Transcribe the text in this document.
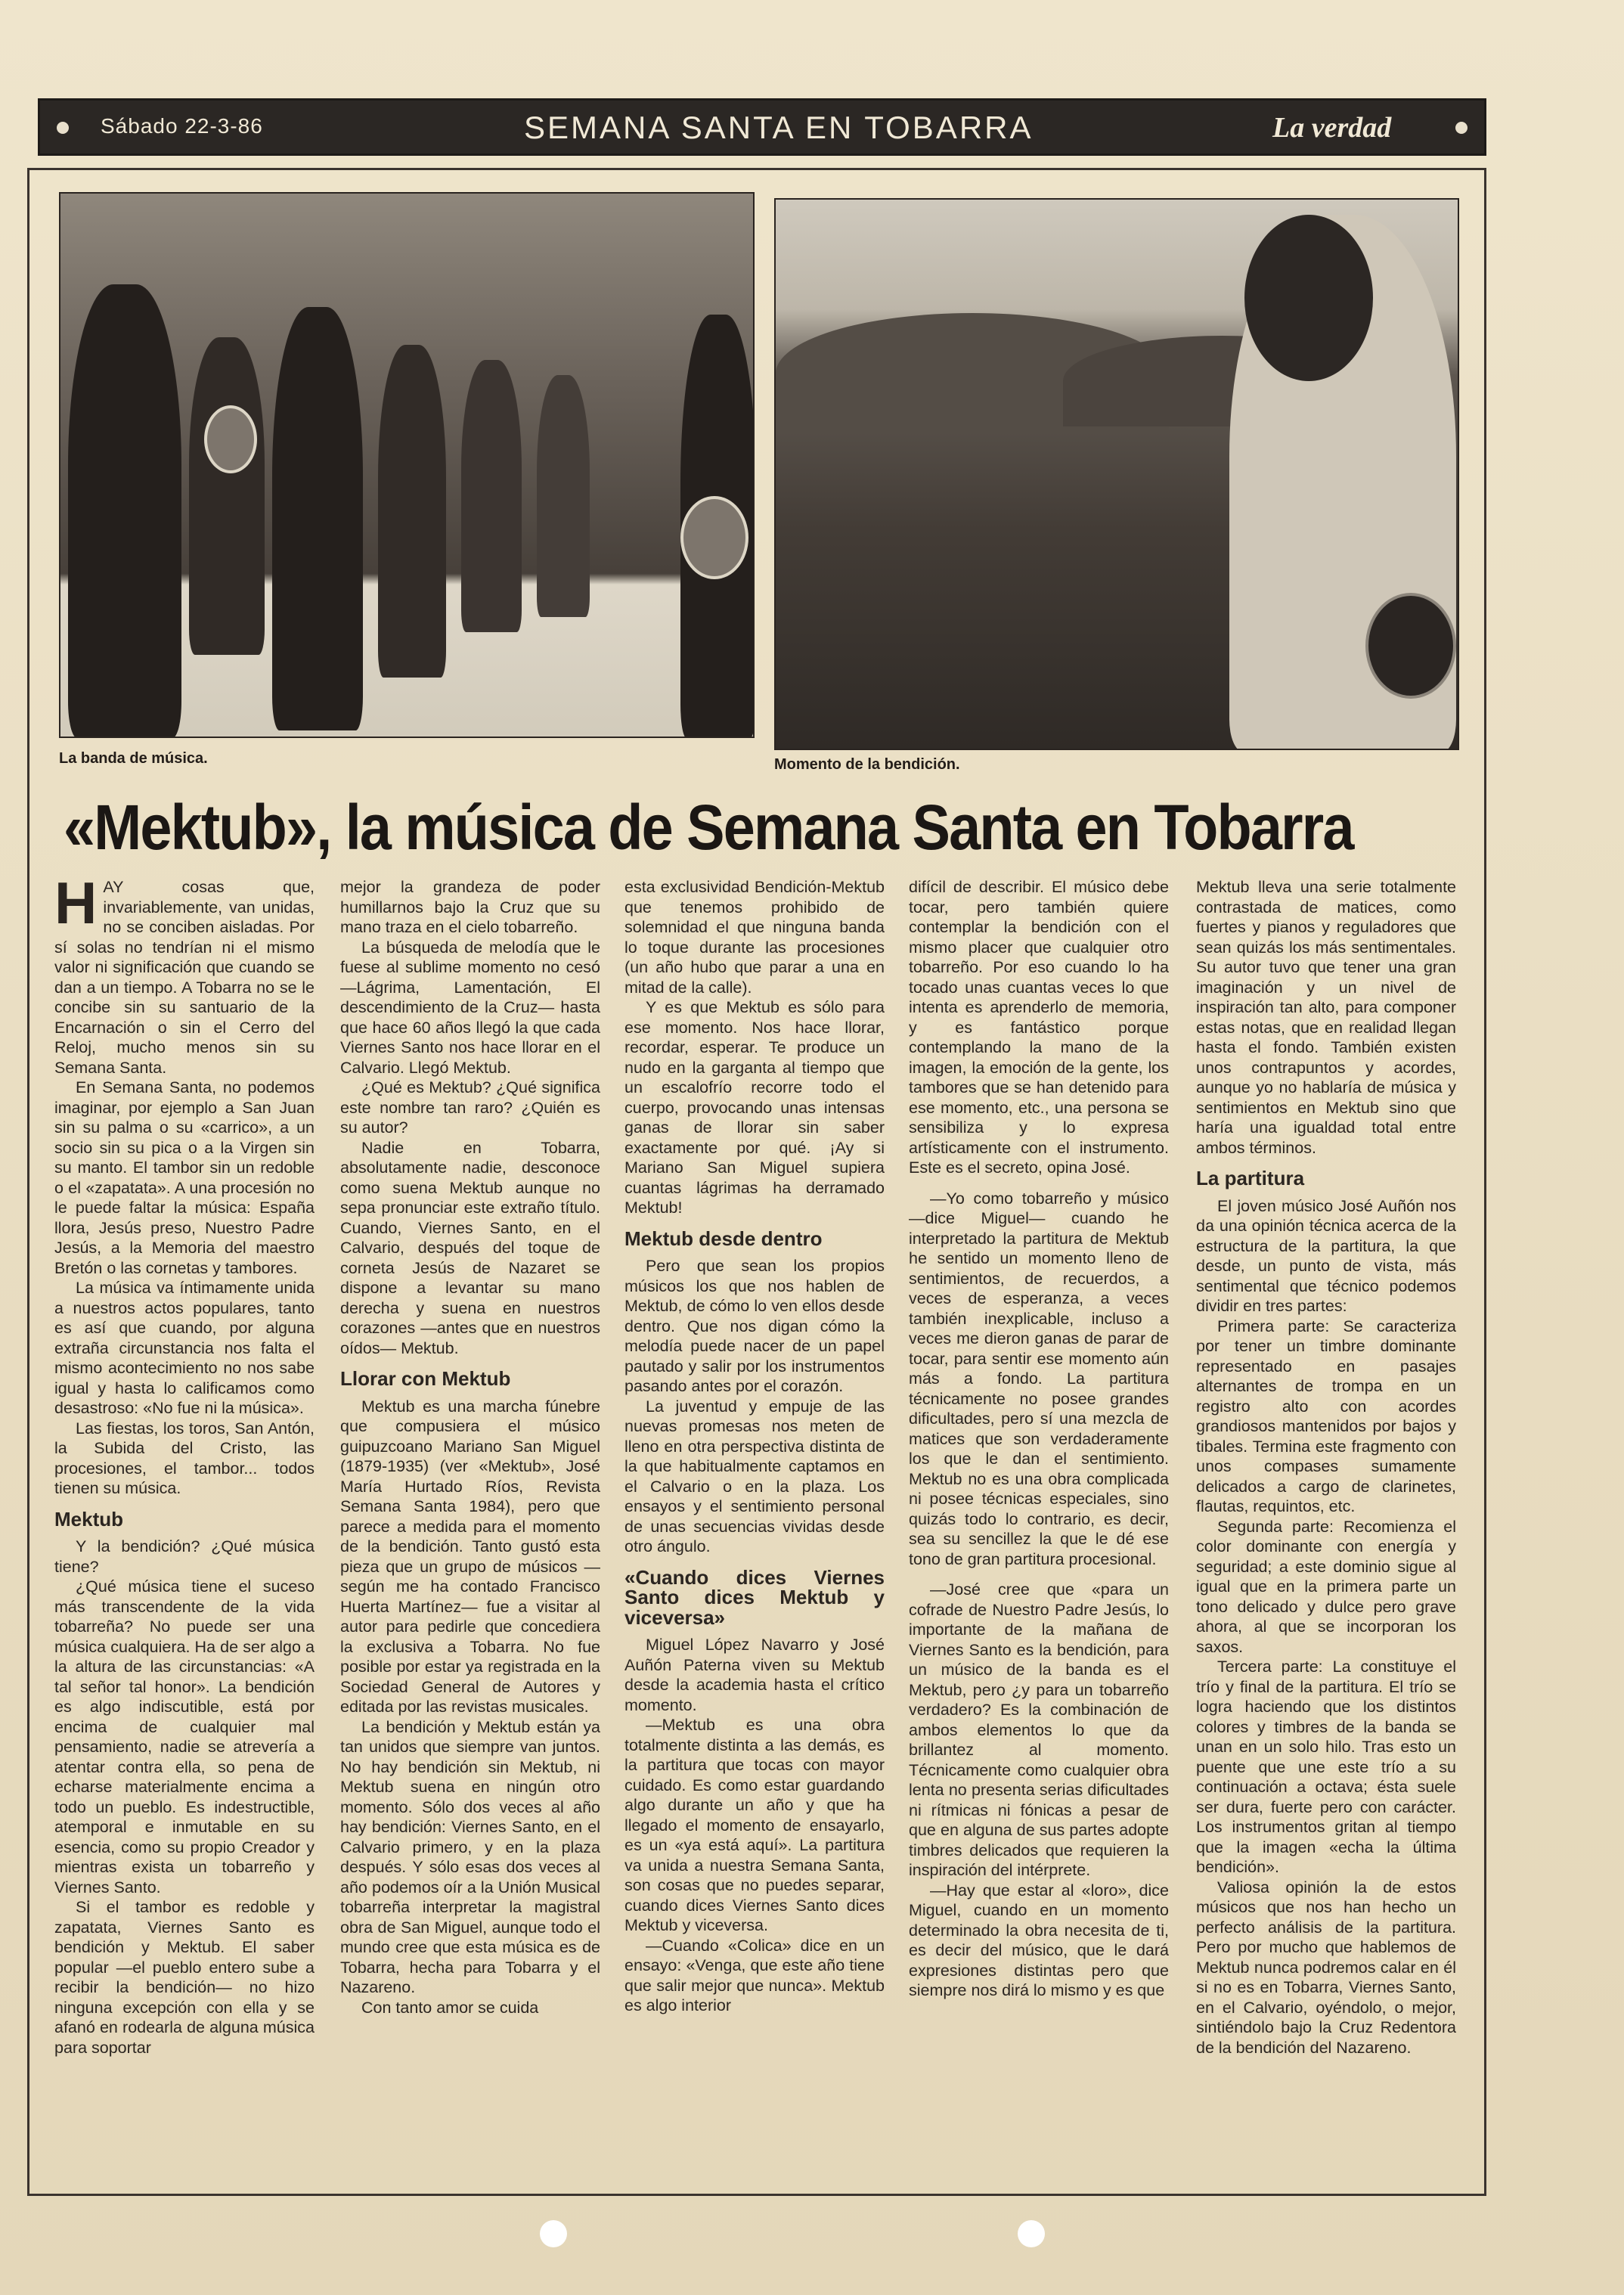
Sábado 22-3-86	SEMANA SANTA EN TOBARRA	La verdad
La banda de música.	Momento de la bendición.
«Mektub», la música de Semana Santa en Tobarra

HAY cosas que, invariablemente, van unidas, no se conciben aisladas. Por sí solas no tendrían ni el mismo valor ni significación que cuando se dan a un tiempo. A Tobarra no se le concibe sin su santuario de la Encarnación o sin el Cerro del Reloj, mucho menos sin su Semana Santa.

En Semana Santa, no podemos imaginar, por ejemplo a San Juan sin su palma o su «carrico», a un socio sin su pica o a la Virgen sin su manto. El tambor sin un redoble o el «zapatata». A una procesión no le puede faltar la música: España llora, Jesús preso, Nuestro Padre Jesús, a la Memoria del maestro Bretón o las cornetas y tambores.

La música va íntimamente unida a nuestros actos populares, tanto es así que cuando, por alguna extraña circunstancia nos falta el mismo acontecimiento no nos sabe igual y hasta lo calificamos como desastroso: «No fue ni la música».

Las fiestas, los toros, San Antón, la Subida del Cristo, las procesiones, el tambor... todos tienen su música.

Mektub

Y la bendición? ¿Qué música tiene?

¿Qué música tiene el suceso más transcendente de la vida tobarreña? No puede ser una música cualquiera. Ha de ser algo a la altura de las circunstancias: «A tal señor tal honor». La bendición es algo indiscutible, está por encima de cualquier mal pensamiento, nadie se atrevería a atentar contra ella, so pena de echarse materialmente encima a todo un pueblo. Es indestructible, atemporal e inmutable en su esencia, como su propio Creador y mientras exista un tobarreño y Viernes Santo.

Si el tambor es redoble y zapatata, Viernes Santo es bendición y Mektub. El saber popular —el pueblo entero sube a recibir la bendición— no hizo ninguna excepción con ella y se afanó en rodearla de alguna música para soportar

mejor la grandeza de poder humillarnos bajo la Cruz que su mano traza en el cielo tobarreño.

La búsqueda de melodía que le fuese al sublime momento no cesó —Lágrima, Lamentación, El descendimiento de la Cruz— hasta que hace 60 años llegó la que cada Viernes Santo nos hace llorar en el Calvario. Llegó Mektub.

¿Qué es Mektub? ¿Qué significa este nombre tan raro? ¿Quién es su autor?

Nadie en Tobarra, absolutamente nadie, desconoce como suena Mektub aunque no sepa pronunciar este extraño título. Cuando, Viernes Santo, en el Calvario, después del toque de corneta Jesús de Nazaret se dispone a levantar su mano derecha y suena en nuestros corazones —antes que en nuestros oídos— Mektub.

Llorar con Mektub

Mektub es una marcha fúnebre que compusiera el músico guipuzcoano Mariano San Miguel (1879-1935) (ver «Mektub», José María Hurtado Ríos, Revista Semana Santa 1984), pero que parece a medida para el momento de la bendición. Tanto gustó esta pieza que un grupo de músicos —según me ha contado Francisco Huerta Martínez— fue a visitar al autor para pedirle que concediera la exclusiva a Tobarra. No fue posible por estar ya registrada en la Sociedad General de Autores y editada por las revistas musicales.

La bendición y Mektub están ya tan unidos que siempre van juntos. No hay bendición sin Mektub, ni Mektub suena en ningún otro momento. Sólo dos veces al año hay bendición: Viernes Santo, en el Calvario primero, y en la plaza después. Y sólo esas dos veces al año podemos oír a la Unión Musical tobarreña interpretar la magistral obra de San Miguel, aunque todo el mundo cree que esta música es de Tobarra, hecha para Tobarra y el Nazareno.

Con tanto amor se cuida

esta exclusividad Bendición-Mektub que tenemos prohibido de solemnidad el que ninguna banda lo toque durante las procesiones (un año hubo que parar a una en mitad de la calle).

Y es que Mektub es sólo para ese momento. Nos hace llorar, recordar, esperar. Te produce un nudo en la garganta al tiempo que un escalofrío recorre todo el cuerpo, provocando unas intensas ganas de llorar sin saber exactamente por qué. ¡Ay si Mariano San Miguel supiera cuantas lágrimas ha derramado Mektub!

Mektub desde dentro

Pero que sean los propios músicos los que nos hablen de Mektub, de cómo lo ven ellos desde dentro. Que nos digan cómo la melodía puede nacer de un papel pautado y salir por los instrumentos pasando antes por el corazón.

La juventud y empuje de las nuevas promesas nos meten de lleno en otra perspectiva distinta de la que habitualmente captamos en el Calvario o en la plaza. Los ensayos y el sentimiento personal de unas secuencias vividas desde otro ángulo.

«Cuando dices Viernes Santo dices Mektub y viceversa»

Miguel López Navarro y José Auñón Paterna viven su Mektub desde la academia hasta el crítico momento.

—Mektub es una obra totalmente distinta a las demás, es la partitura que tocas con mayor cuidado. Es como estar guardando algo durante un año y que ha llegado el momento de ensayarlo, es un «ya está aquí». La partitura va unida a nuestra Semana Santa, son cosas que no puedes separar, cuando dices Viernes Santo dices Mektub y viceversa.

—Cuando «Colica» dice en un ensayo: «Venga, que este año tiene que salir mejor que nunca». Mektub es algo interior

difícil de describir. El músico debe tocar, pero también quiere contemplar la bendición con el mismo placer que cualquier otro tobarreño. Por eso cuando lo ha tocado unas cuantas veces lo que intenta es aprenderlo de memoria, y es fantástico porque contemplando la mano de la imagen, la emoción de la gente, los tambores que se han detenido para ese momento, etc., una persona se sensibiliza y lo expresa artísticamente con el instrumento. Este es el secreto, opina José.

—Yo como tobarreño y músico —dice Miguel— cuando he interpretado la partitura de Mektub he sentido un momento lleno de sentimientos, de recuerdos, a veces de esperanza, a veces también inexplicable, incluso a veces me dieron ganas de parar de tocar, para sentir ese momento aún más a fondo. La partitura técnicamente no posee grandes dificultades, pero sí una mezcla de matices que son verdaderamente los que le dan el sentimiento. Mektub no es una obra complicada ni posee técnicas especiales, sino quizás todo lo contrario, es decir, sea su sencillez la que le dé ese tono de gran partitura procesional.

—José cree que «para un cofrade de Nuestro Padre Jesús, lo importante de la mañana de Viernes Santo es la bendición, para un músico de la banda es el Mektub, pero ¿y para un tobarreño verdadero? Es la combinación de ambos elementos lo que da brillantez al momento. Técnicamente como cualquier obra lenta no presenta serias dificultades ni rítmicas ni fónicas a pesar de que en alguna de sus partes adopte timbres delicados que requieren la inspiración del intérprete.

—Hay que estar al «loro», dice Miguel, cuando en un momento determinado la obra necesita de ti, es decir del músico, que le dará expresiones distintas pero que siempre nos dirá lo mismo y es que

Mektub lleva una serie totalmente contrastada de matices, como fuertes y pianos y reguladores que sean quizás los más sentimentales. Su autor tuvo que tener una gran imaginación y un nivel de inspiración tan alto, para componer estas notas, que en realidad llegan hasta el fondo. También existen unos contrapuntos y acordes, aunque yo no hablaría de música y sentimientos en Mektub sino que haría una igualdad total entre ambos términos.

La partitura

El joven músico José Auñón nos da una opinión técnica acerca de la estructura de la partitura, la que desde, un punto de vista, más sentimental que técnico podemos dividir en tres partes:

Primera parte: Se caracteriza por tener un timbre dominante representado en pasajes alternantes de trompa en un registro alto con acordes grandiosos mantenidos por bajos y tibales. Termina este fragmento con unos compases sumamente delicados a cargo de clarinetes, flautas, requintos, etc.

Segunda parte: Recomienza el color dominante con energía y seguridad; a este dominio sigue al igual que en la primera parte un tono delicado y dulce pero grave ahora, al que se incorporan los saxos.

Tercera parte: La constituye el trío y final de la partitura. El trío se logra haciendo que los distintos colores y timbres de la banda se unan en un solo hilo. Tras esto un puente que une este trío a su continuación a octava; ésta suele ser dura, fuerte pero con carácter. Los instrumentos gritan al tiempo que la imagen «echa la última bendición».

Valiosa opinión la de estos músicos que nos han hecho un perfecto análisis de la partitura. Pero por mucho que hablemos de Mektub nunca podremos calar en él si no es en Tobarra, Viernes Santo, en el Calvario, oyéndolo, o mejor, sintiéndolo bajo la Cruz Redentora de la bendición del Nazareno.
